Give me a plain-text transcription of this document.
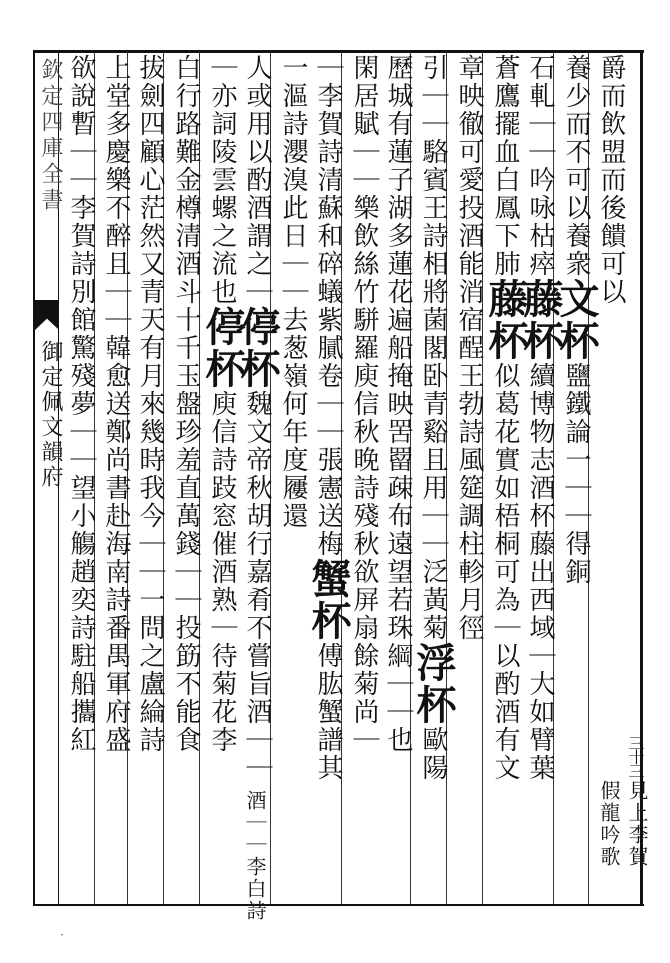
欽定四庫全書
御定佩文韻府
爵而飲盟而後饋可以
養少而不可以養衆文杯鹽鐵論一｜｜得銅
石軋｜｜吟咏枯瘁藤杯續博物志酒杯藤出西域｜大如臂葉
蒼鷹擺血白鳳下肺藤杯似葛花實如梧桐可為｜以酌酒有文
章映徹可愛投酒能消宿酲王勃詩風筵調柱軫月徑
引｜｜駱賓王詩相將菌閣卧青谿且用｜｜泛黃菊浮杯歐陽
歷城有蓮子湖多蓮花遍船掩映罟罶疎布遠望若珠綱｜｜也
閑居賦｜｜樂飲絲竹駢羅庾信秋晚詩殘秋欲屏扇餘菊尚｜
｜李賀詩清蘇和碎蟻紫膩卷｜｜張憲送梅蟹杯傅肱蟹譜其
一漚詩瀴溴此日｜｜去葱嶺何年度屨還
人或用以酌酒謂之｜停杯魏文帝秋胡行嘉肴不嘗旨酒｜｜
｜亦詞陵雲螺之流也停杯庾信詩跂窓催酒熟｜待菊花李
白行路難金樽清酒斗十千玉盤珍羞直萬錢｜｜投筯不能食
拔劍四顧心茫然又青天有月來幾時我今｜｜一問之盧綸詩
上堂多慶樂不醉且｜｜韓愈送鄭尚書赴海南詩番禺軍府盛
欲說暫｜｜李賀詩別館驚殘夢｜｜望小觴趙奕詩駐船攜紅
酒｜｜李白詩	見上李賀
假龍吟歌
三十三
·
